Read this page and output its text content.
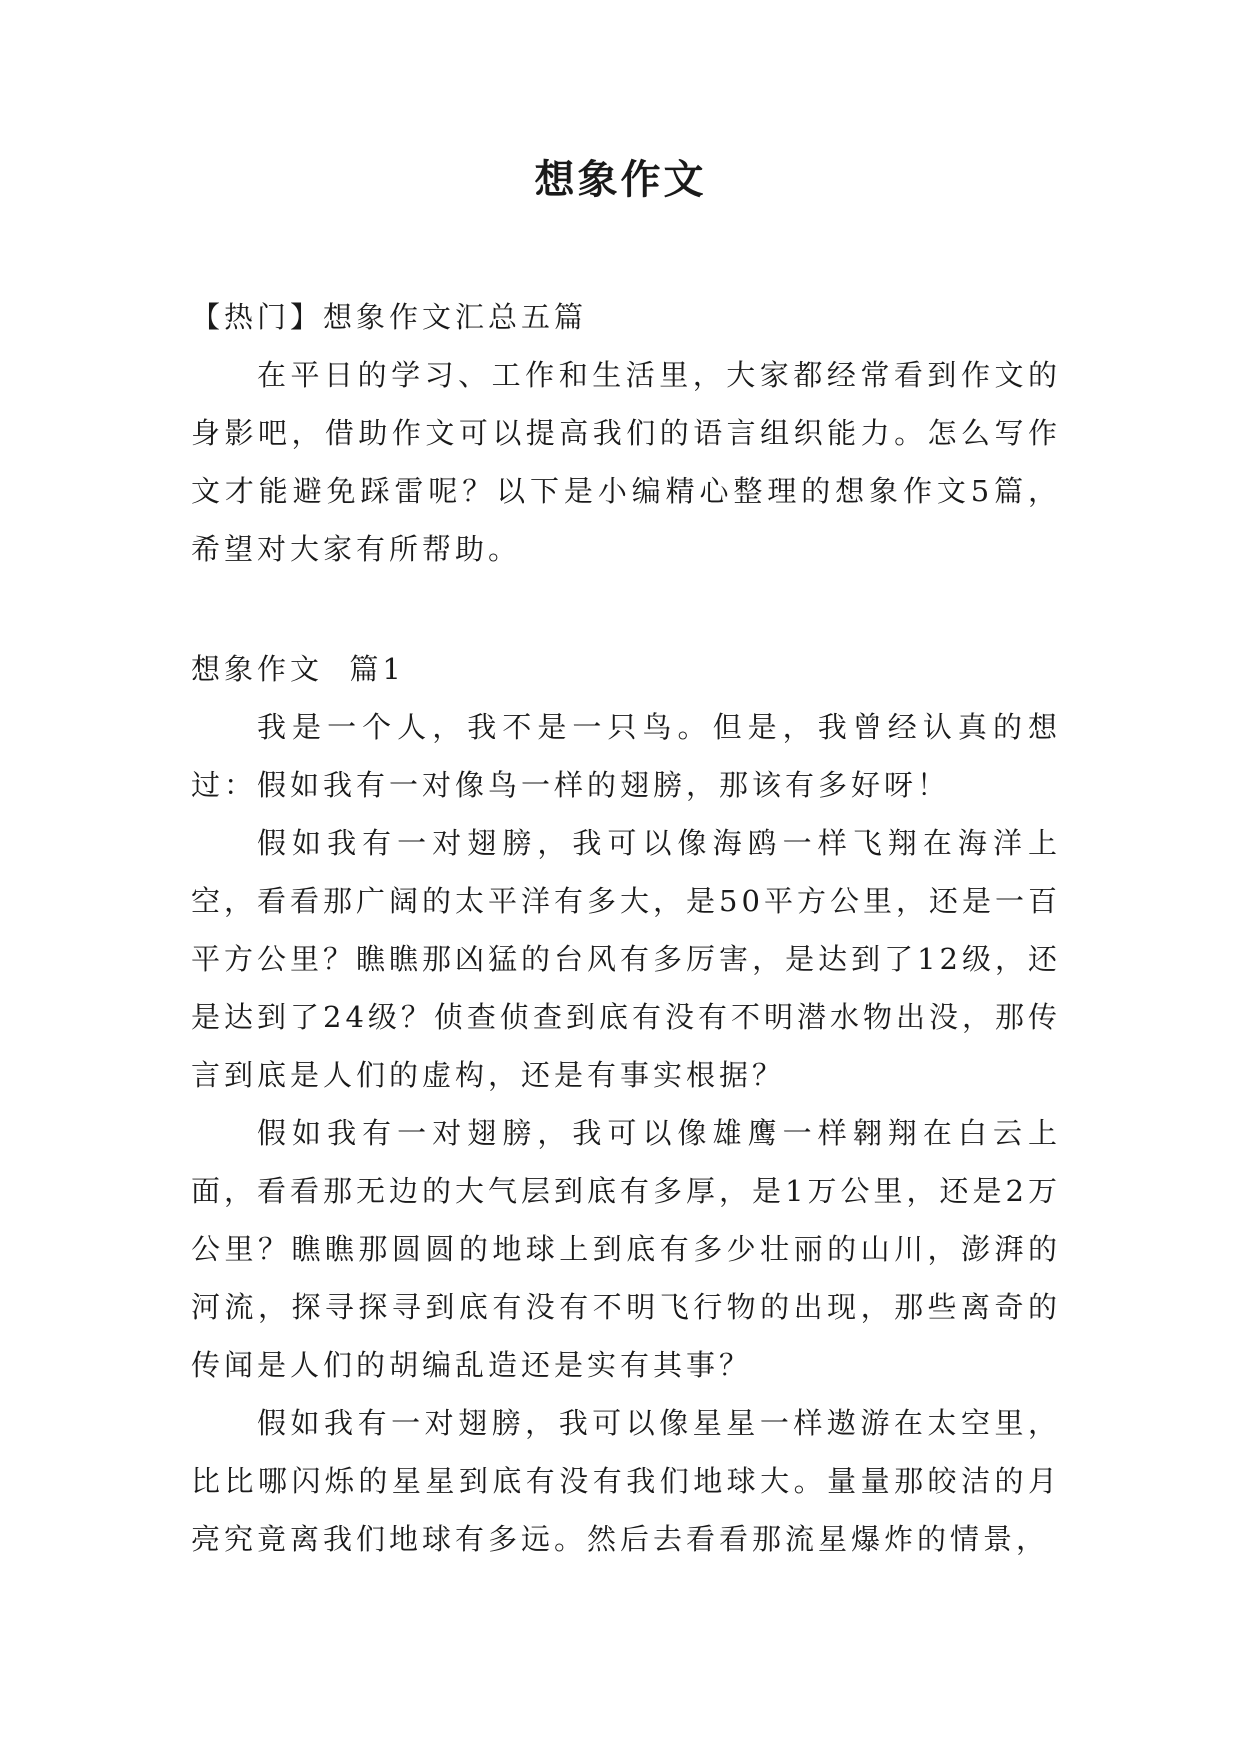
想象作文

【热门】想象作文汇总五篇

在平日的学习、工作和生活里，大家都经常看到作文的身影吧，借助作文可以提高我们的语言组织能力。怎么写作文才能避免踩雷呢？以下是小编精心整理的想象作文5篇，希望对大家有所帮助。

想象作文  篇1

我是一个人，我不是一只鸟。但是，我曾经认真的想过：假如我有一对像鸟一样的翅膀，那该有多好呀！

假如我有一对翅膀，我可以像海鸥一样飞翔在海洋上空，看看那广阔的太平洋有多大，是50平方公里，还是一百平方公里？瞧瞧那凶猛的台风有多厉害，是达到了12级，还是达到了24级？侦查侦查到底有没有不明潜水物出没，那传言到底是人们的虚构，还是有事实根据？

假如我有一对翅膀，我可以像雄鹰一样翱翔在白云上面，看看那无边的大气层到底有多厚，是1万公里，还是2万公里？瞧瞧那圆圆的地球上到底有多少壮丽的山川，澎湃的河流，探寻探寻到底有没有不明飞行物的出现，那些离奇的传闻是人们的胡编乱造还是实有其事？

假如我有一对翅膀，我可以像星星一样遨游在太空里，比比哪闪烁的星星到底有没有我们地球大。量量那皎洁的月亮究竟离我们地球有多远。然后去看看那流星爆炸的情景，
